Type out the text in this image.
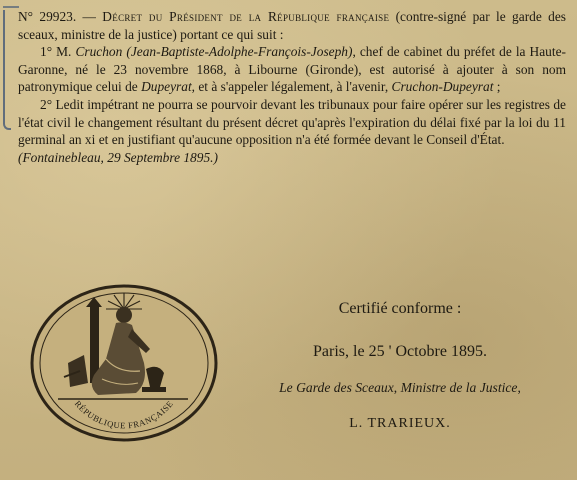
N° 29923. — Décret du Président de la République française (contre-signé par le garde des sceaux, ministre de la justice) portant ce qui suit :

1° M. Cruchon (Jean-Baptiste-Adolphe-François-Joseph), chef de cabinet du préfet de la Haute-Garonne, né le 23 novembre 1868, à Libourne (Gironde), est autorisé à ajouter à son nom patronymique celui de Dupeyrat, et à s'appeler légalement, à l'avenir, Cruchon-Dupeyrat ;

2° Ledit impétrant ne pourra se pourvoir devant les tribunaux pour faire opérer sur les registres de l'état civil le changement résultant du présent décret qu'après l'expiration du délai fixé par la loi du 11 germinal an xi et en justifiant qu'aucune opposition n'a été formée devant le Conseil d'État.

(Fontainebleau, 29 Septembre 1895.)

Certifié conforme :
Paris, le 25 ' Octobre 1895.
Le Garde des Sceaux, Ministre de la Justice,
L. TRARIEUX.
RÉPUBLIQUE FRANÇAISE
